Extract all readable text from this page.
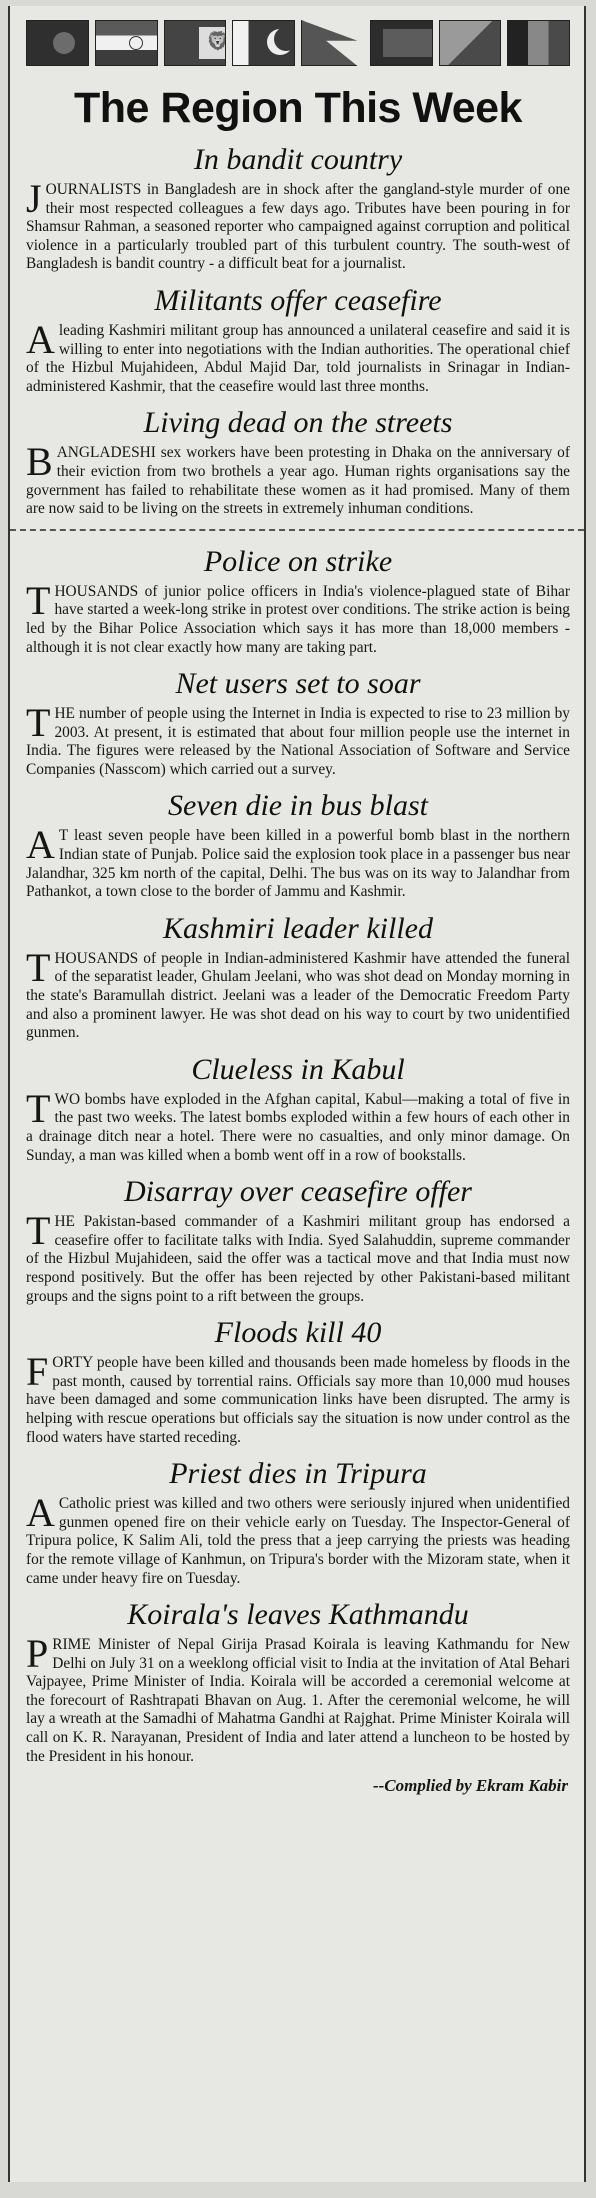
🦁
The Region This Week
In bandit country

JOURNALISTS in Bangladesh are in shock after the gangland-style murder of one their most respected colleagues a few days ago. Tributes have been pouring in for Shamsur Rahman, a seasoned reporter who campaigned against corruption and political violence in a particularly troubled part of this turbulent country. The south-west of Bangladesh is bandit country - a difficult beat for a journalist.

Militants offer ceasefire

Aleading Kashmiri militant group has announced a unilateral ceasefire and said it is willing to enter into negotiations with the Indian authorities. The operational chief of the Hizbul Mujahideen, Abdul Majid Dar, told journalists in Srinagar in Indian-administered Kashmir, that the ceasefire would last three months.

Living dead on the streets

BANGLADESHI sex workers have been protesting in Dhaka on the anniversary of their eviction from two brothels a year ago. Human rights organisations say the government has failed to rehabilitate these women as it had promised. Many of them are now said to be living on the streets in extremely inhuman conditions.

Police on strike

THOUSANDS of junior police officers in India's violence-plagued state of Bihar have started a week-long strike in protest over conditions. The strike action is being led by the Bihar Police Association which says it has more than 18,000 members - although it is not clear exactly how many are taking part.

Net users set to soar

THE number of people using the Internet in India is expected to rise to 23 million by 2003. At present, it is estimated that about four million people use the internet in India. The figures were released by the National Association of Software and Service Companies (Nasscom) which carried out a survey.

Seven die in bus blast

A T least seven people have been killed in a powerful bomb blast in the northern Indian state of Punjab. Police said the explosion took place in a passenger bus near Jalandhar, 325 km north of the capital, Delhi. The bus was on its way to Jalandhar from Pathankot, a town close to the border of Jammu and Kashmir.

Kashmiri leader killed

THOUSANDS of people in Indian-administered Kashmir have attended the funeral of the separatist leader, Ghulam Jeelani, who was shot dead on Monday morning in the state's Baramullah district. Jeelani was a leader of the Democratic Freedom Party and also a prominent lawyer. He was shot dead on his way to court by two unidentified gunmen.

Clueless in Kabul

TWO bombs have exploded in the Afghan capital, Kabul—making a total of five in the past two weeks. The latest bombs exploded within a few hours of each other in a drainage ditch near a hotel. There were no casualties, and only minor damage. On Sunday, a man was killed when a bomb went off in a row of bookstalls.

Disarray over ceasefire offer

THE Pakistan-based commander of a Kashmiri militant group has endorsed a ceasefire offer to facilitate talks with India. Syed Salahuddin, supreme commander of the Hizbul Mujahideen, said the offer was a tactical move and that India must now respond positively. But the offer has been rejected by other Pakistani-based militant groups and the signs point to a rift between the groups.

Floods kill 40

FORTY people have been killed and thousands been made homeless by floods in the past month, caused by torrential rains. Officials say more than 10,000 mud houses have been damaged and some communication links have been disrupted. The army is helping with rescue operations but officials say the situation is now under control as the flood waters have started receding.

Priest dies in Tripura

A Catholic priest was killed and two others were seriously injured when unidentified gunmen opened fire on their vehicle early on Tuesday. The Inspector-General of Tripura police, K Salim Ali, told the press that a jeep carrying the priests was heading for the remote village of Kanhmun, on Tripura's border with the Mizoram state, when it came under heavy fire on Tuesday.

Koirala's leaves Kathmandu

PRIME Minister of Nepal Girija Prasad Koirala is leaving Kathmandu for New Delhi on July 31 on a weeklong official visit to India at the invitation of Atal Behari Vajpayee, Prime Minister of India. Koirala will be accorded a ceremonial welcome at the forecourt of Rashtrapati Bhavan on Aug. 1. After the ceremonial welcome, he will lay a wreath at the Samadhi of Mahatma Gandhi at Rajghat. Prime Minister Koirala will call on K. R. Narayanan, President of India and later attend a luncheon to be hosted by the President in his honour.

--Complied by Ekram Kabir
